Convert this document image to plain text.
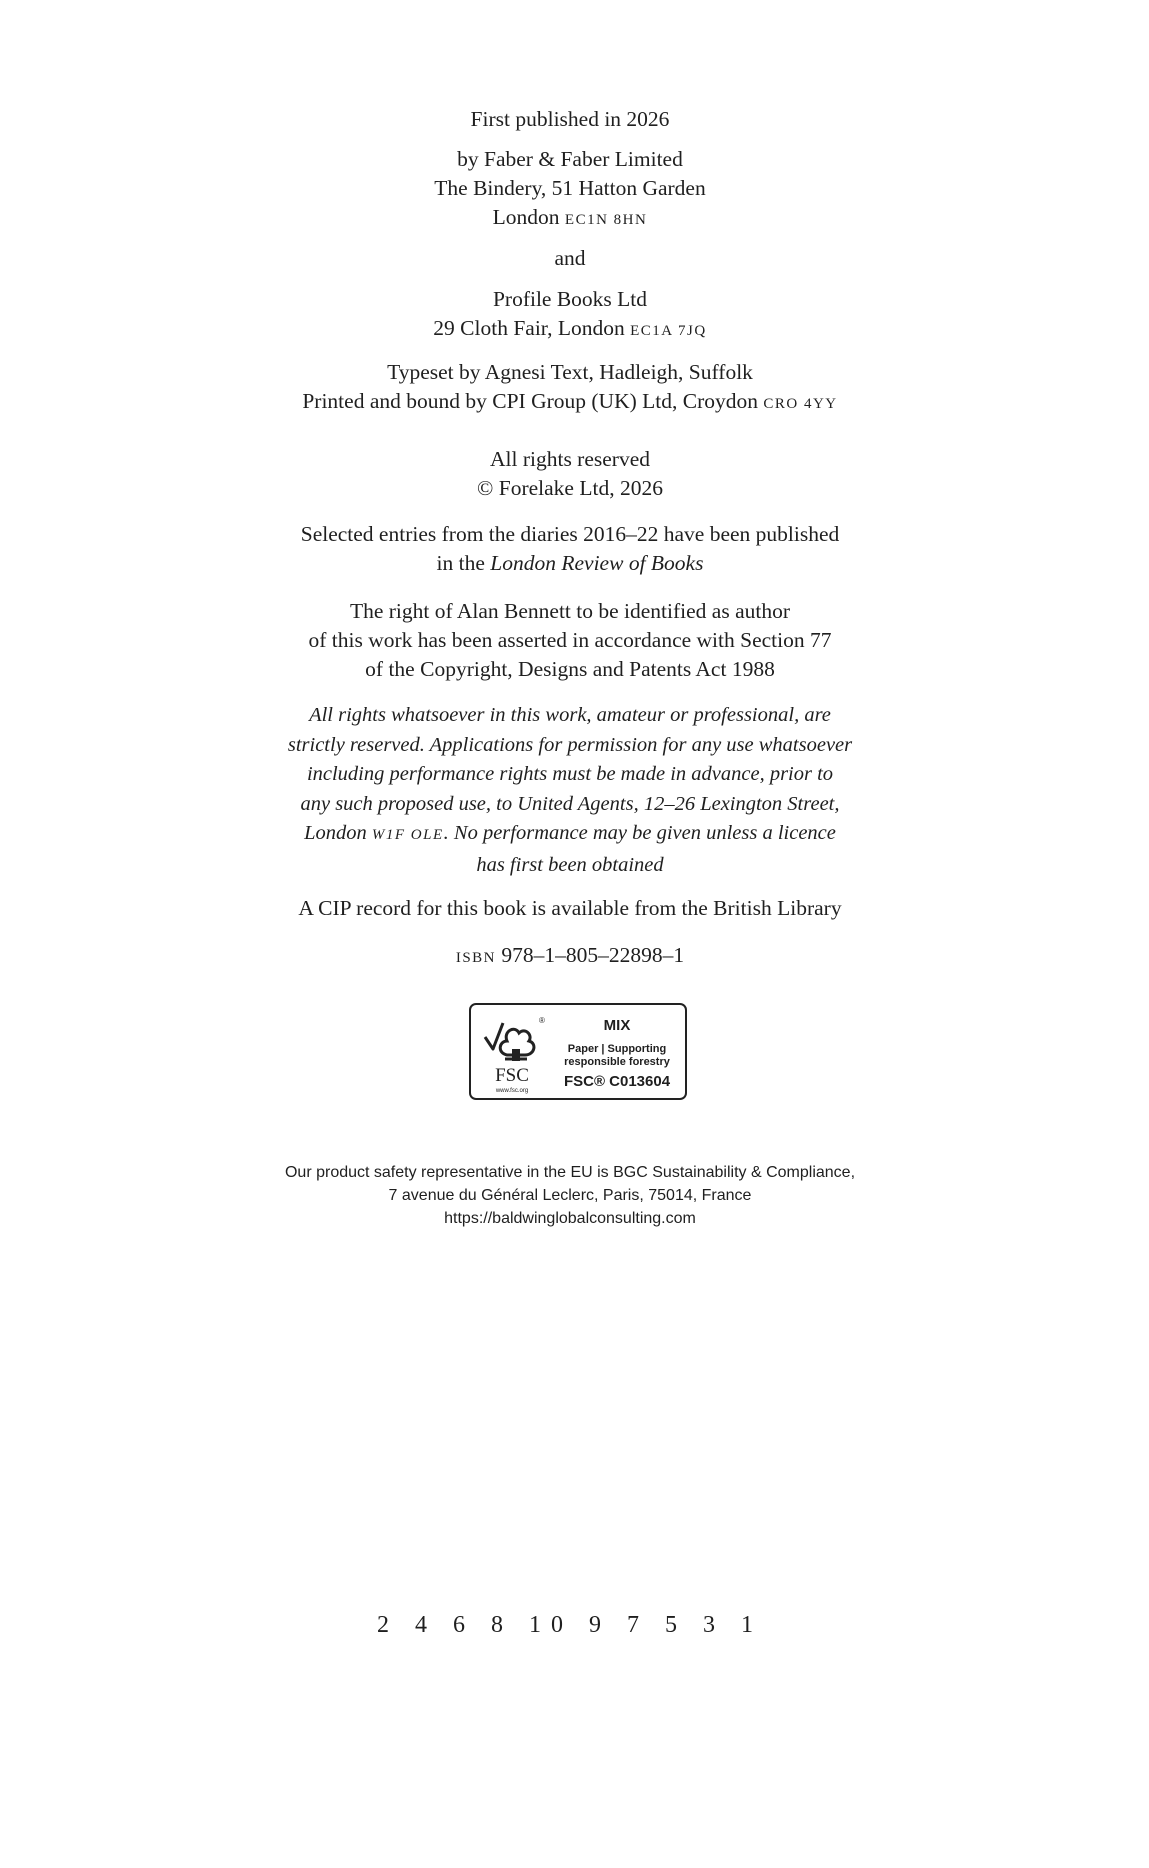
First published in 2026

by Faber & Faber Limited

The Bindery, 51 Hatton Garden

London EC1N 8HN

and

Profile Books Ltd

29 Cloth Fair, London EC1A 7JQ

Typeset by Agnesi Text, Hadleigh, Suffolk

Printed and bound by CPI Group (UK) Ltd, Croydon CRO 4YY

All rights reserved

© Forelake Ltd, 2026

Selected entries from the diaries 2016–22 have been published

in the London Review of Books

The right of Alan Bennett to be identified as author

of this work has been asserted in accordance with Section 77

of the Copyright, Designs and Patents Act 1988

All rights whatsoever in this work, amateur or professional, are

strictly reserved. Applications for permission for any use whatsoever

including performance rights must be made in advance, prior to

any such proposed use, to United Agents, 12–26 Lexington Street,

London W1F OLE. No performance may be given unless a licence

has first been obtained

A CIP record for this book is available from the British Library

ISBN 978–1–805–22898–1

®
FSC
www.fsc.org
MIX
Paper | Supporting
responsible forestry
FSC® C013604

Our product safety representative in the EU is BGC Sustainability & Compliance,

7 avenue du Général Leclerc, Paris, 75014, France

https://baldwinglobalconsulting.com

2 4 6 8 10 9 7 5 3 1
